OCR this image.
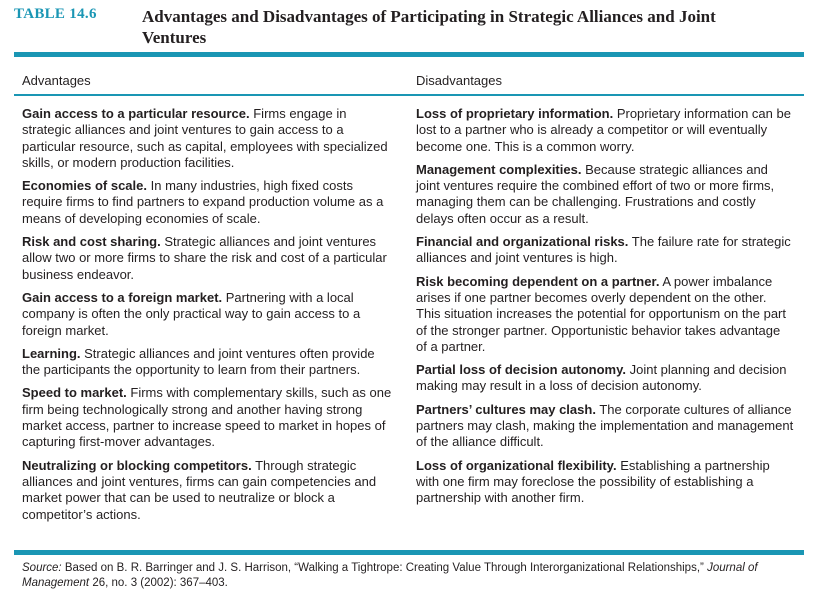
TABLE 14.6	Advantages and Disadvantages of Participating in Strategic Alliances and Joint Ventures
Advantages	Disadvantages

Gain access to a particular resource. Firms engage in strategic alliances and joint ventures to gain access to a particular resource, such as capital, employees with specialized skills, or modern production facilities.

Economies of scale. In many industries, high fixed costs require firms to find partners to expand production volume as a means of developing economies of scale.

Risk and cost sharing. Strategic alliances and joint ventures allow two or more firms to share the risk and cost of a particular business endeavor.

Gain access to a foreign market. Partnering with a local company is often the only practical way to gain access to a foreign market.

Learning. Strategic alliances and joint ventures often provide the participants the opportunity to learn from their partners.

Speed to market. Firms with complementary skills, such as one firm being technologically strong and another having strong market access, partner to increase speed to market in hopes of capturing first-mover advantages.

Neutralizing or blocking competitors. Through strategic alliances and joint ventures, firms can gain competencies and market power that can be used to neutralize or block a competitor’s actions.

Loss of proprietary information. Proprietary information can be lost to a partner who is already a competitor or will eventually become one. This is a common worry.

Management complexities. Because strategic alliances and joint ventures require the combined effort of two or more firms, managing them can be challenging. Frustrations and costly delays often occur as a result.

Financial and organizational risks. The failure rate for strategic alliances and joint ventures is high.

Risk becoming dependent on a partner. A power imbalance arises if one partner becomes overly dependent on the other. This situation increases the potential for opportunism on the part of the stronger partner. Opportunistic behavior takes advantage of a partner.

Partial loss of decision autonomy. Joint planning and decision making may result in a loss of decision autonomy.

Partners’ cultures may clash. The corporate cultures of alliance partners may clash, making the implementation and management of the alliance difficult.

Loss of organizational flexibility. Establishing a partnership with one firm may foreclose the possibility of establishing a partnership with another firm.

Source: Based on B. R. Barringer and J. S. Harrison, “Walking a Tightrope: Creating Value Through Interorganizational Relationships,” Journal of Management 26, no. 3 (2002): 367–403.
